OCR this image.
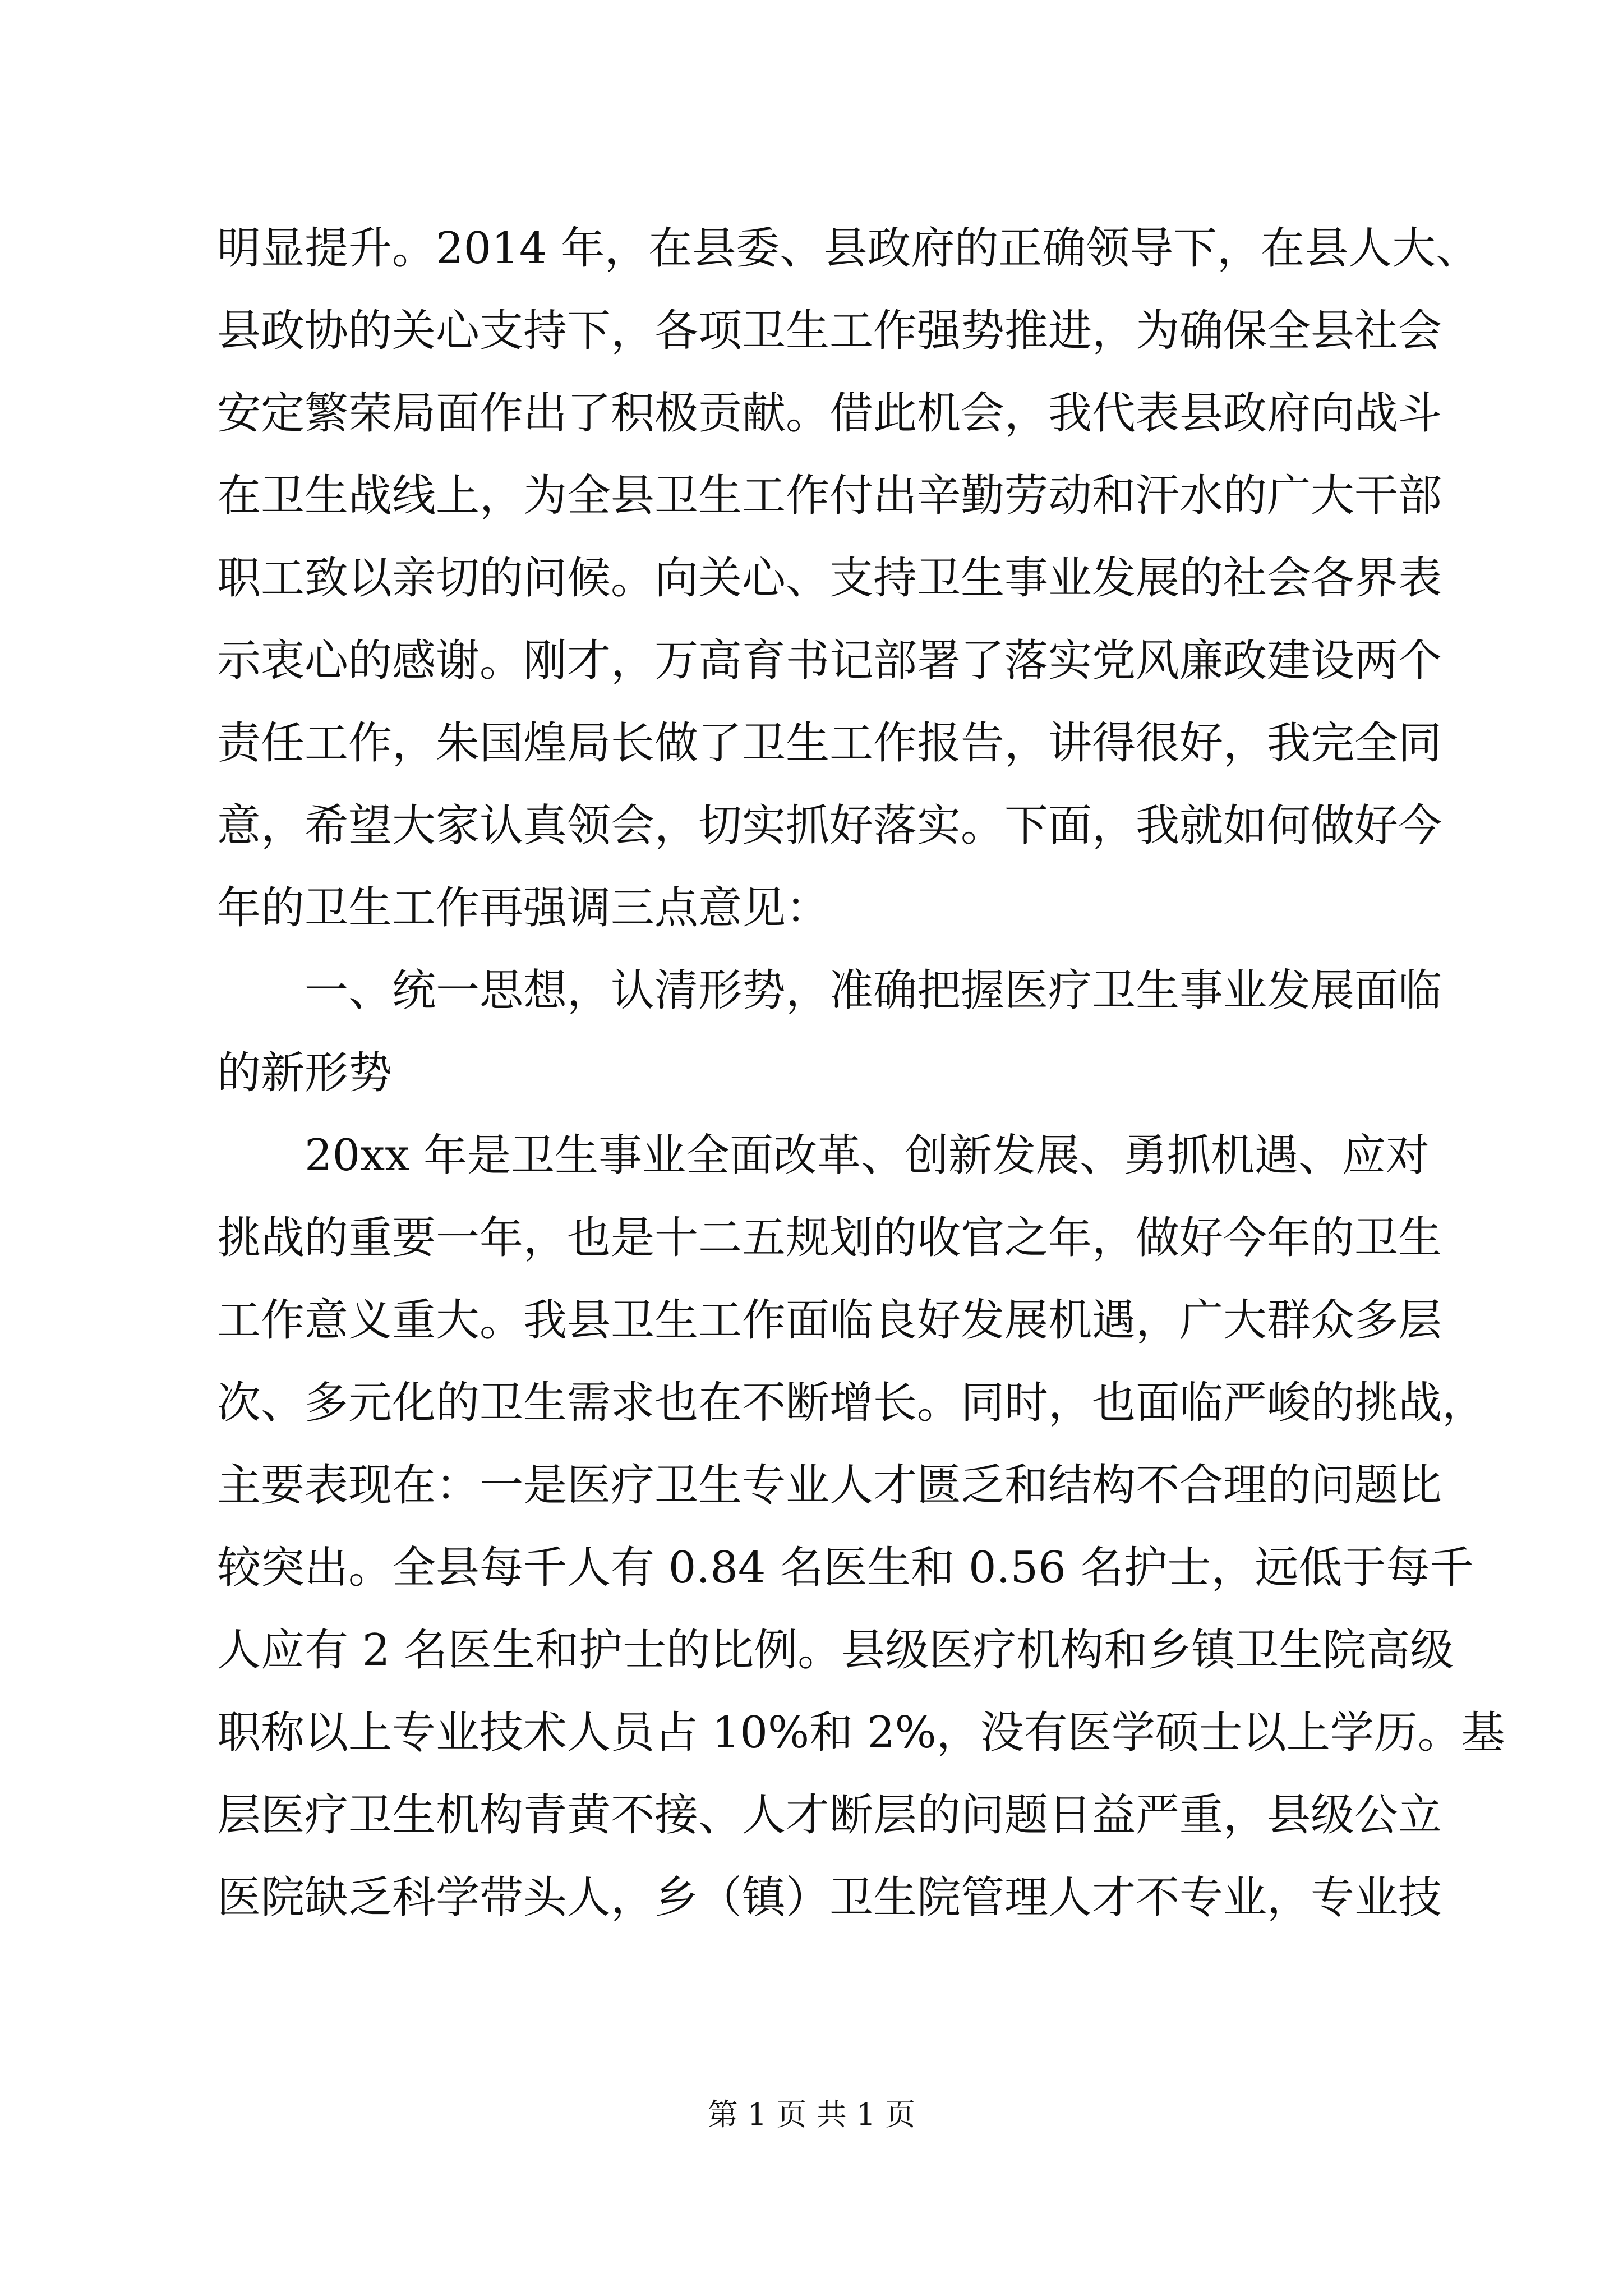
明显提升。2014 年，在县委、县政府的正确领导下，在县人大、
县政协的关心支持下，各项卫生工作强势推进，为确保全县社会
安定繁荣局面作出了积极贡献。借此机会，我代表县政府向战斗
在卫生战线上，为全县卫生工作付出辛勤劳动和汗水的广大干部
职工致以亲切的问候。向关心、支持卫生事业发展的社会各界表
示衷心的感谢。刚才，万高育书记部署了落实党风廉政建设两个
责任工作，朱国煌局长做了卫生工作报告，讲得很好，我完全同
意，希望大家认真领会，切实抓好落实。下面，我就如何做好今
年的卫生工作再强调三点意见：
　　一、统一思想，认清形势，准确把握医疗卫生事业发展面临
的新形势
　　20xx 年是卫生事业全面改革、创新发展、勇抓机遇、应对
挑战的重要一年，也是十二五规划的收官之年，做好今年的卫生
工作意义重大。我县卫生工作面临良好发展机遇，广大群众多层
次、多元化的卫生需求也在不断增长。同时，也面临严峻的挑战，
主要表现在：一是医疗卫生专业人才匮乏和结构不合理的问题比
较突出。全县每千人有 0.84 名医生和 0.56 名护士，远低于每千
人应有 2 名医生和护士的比例。县级医疗机构和乡镇卫生院高级
职称以上专业技术人员占 10%和 2%，没有医学硕士以上学历。基
层医疗卫生机构青黄不接、人才断层的问题日益严重，县级公立
医院缺乏科学带头人，乡（镇）卫生院管理人才不专业，专业技
第 1 页 共 1 页
